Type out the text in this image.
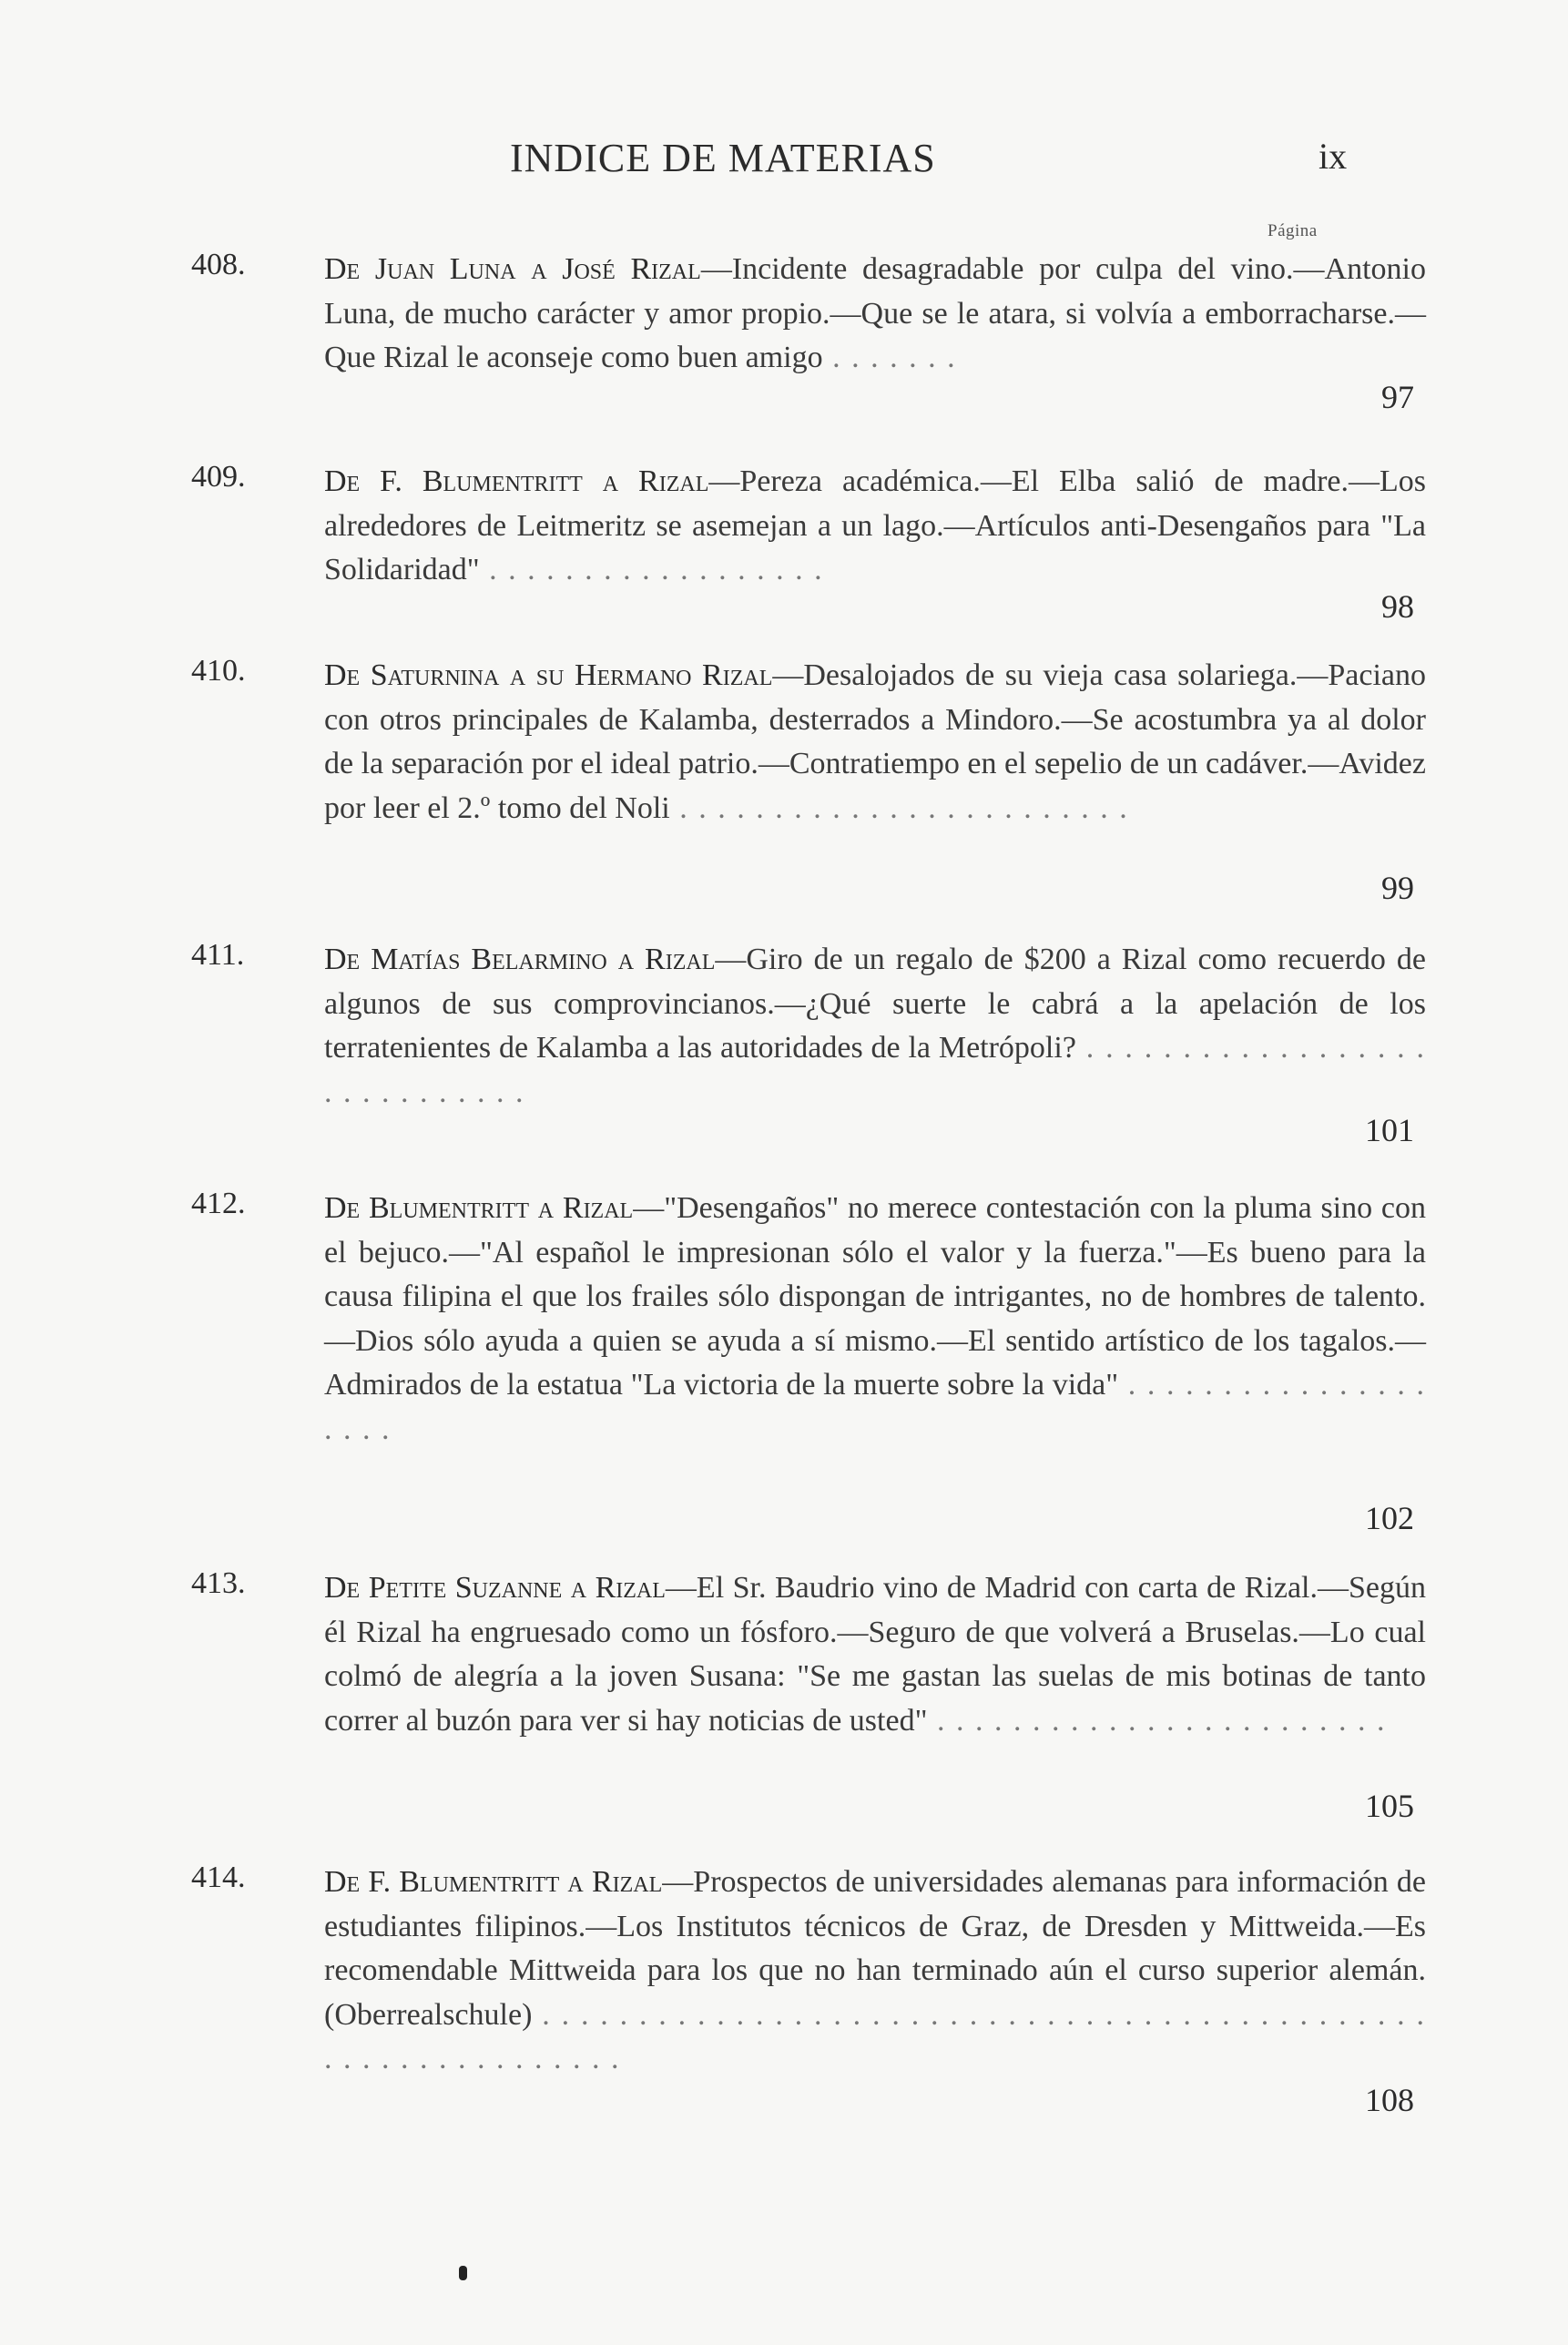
INDICE DE MATERIAS	ix
Página
408.	De Juan Luna a José Rizal—Incidente desagradable por culpa del vino.—Antonio Luna, de mucho carácter y amor propio.—Que se le atara, si volvía a emborracharse.—Que Rizal le aconseje como buen amigo . . . . . . .
97
409.	De F. Blumentritt a Rizal—Pereza académica.—El Elba salió de madre.—Los alrededores de Leitmeritz se asemejan a un lago.—Artículos anti-Desengaños para "La Solidaridad" . . . . . . . . . . . . . . . . . .
98
410.	De Saturnina a su Hermano Rizal—Desalojados de su vieja casa solariega.—Paciano con otros principales de Kalamba, desterrados a Mindoro.—Se acostumbra ya al dolor de la separación por el ideal patrio.—Contratiempo en el sepelio de un cadáver.—Avidez por leer el 2.º tomo del Noli . . . . . . . . . . . . . . . . . . . . . . . .
99
411.	De Matías Belarmino a Rizal—Giro de un regalo de $200 a Rizal como recuerdo de algunos de sus comprovincianos.—¿Qué suerte le cabrá a la apelación de los terratenientes de Kalamba a las autoridades de la Metrópoli? . . . . . . . . . . . . . . . . . . . . . . . . . . . . .
101
412.	De Blumentritt a Rizal—"Desengaños" no merece contestación con la pluma sino con el bejuco.—"Al español le impresionan sólo el valor y la fuerza."—Es bueno para la causa filipina el que los frailes sólo dispongan de intrigantes, no de hombres de talento.—Dios sólo ayuda a quien se ayuda a sí mismo.—El sentido artístico de los tagalos.—Admirados de la estatua "La victoria de la muerte sobre la vida" . . . . . . . . . . . . . . . . . . . .
102
413.	De Petite Suzanne a Rizal—El Sr. Baudrio vino de Madrid con carta de Rizal.—Según él Rizal ha engruesado como un fósforo.—Seguro de que volverá a Bruselas.—Lo cual colmó de alegría a la joven Susana: "Se me gastan las suelas de mis botinas de tanto correr al buzón para ver si hay noticias de usted" . . . . . . . . . . . . . . . . . . . . . . . .
105
414.	De F. Blumentritt a Rizal—Prospectos de universidades alemanas para información de estudiantes filipinos.—Los Institutos técnicos de Graz, de Dresden y Mittweida.—Es recomendable Mittweida para los que no han terminado aún el curso superior alemán. (Oberrealschule) . . . . . . . . . . . . . . . . . . . . . . . . . . . . . . . . . . . . . . . . . . . . . . . . . . . . . . . . . . . . . .
108
